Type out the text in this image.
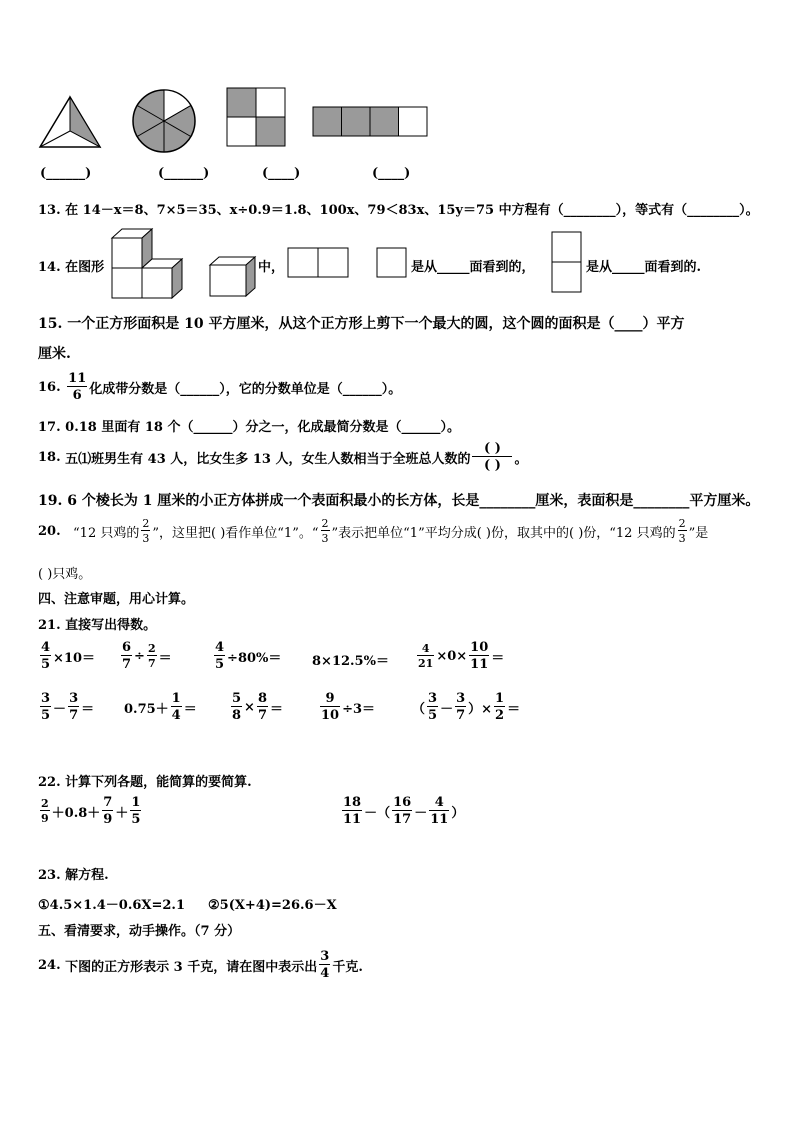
(______)	(______)	(____)	(____)
13. 在 14－x＝8、7×5＝35、x÷0.9＝1.8、100x、79＜83x、15y＝75 中方程有（________），等式有（________）。
14. 在图形	中，	是从_____面看到的，	是从_____面看到的.
15. 一个正方形面积是 10 平方厘米，从这个正方形上剪下一个最大的圆，这个圆的面积是（____）平方
厘米.
16.
$\frac{11}{6}$ 化成带分数是（______），它的分数单位是（______）。
17. 0.18 里面有 18 个（______）分之一，化成最简分数是（______）。
18.
五⑴班男生有 43 人，比女生多 13 人，女生人数相当于全班总人数的 $\frac{( )}{( )}$ 。
19. 6 个棱长为 1 厘米的小正方体拼成一个表面积最小的长方体，长是________厘米，表面积是________平方厘米。
20.
“12 只鸡的 $\frac{2}{3}$ ”，这里把( )看作单位“1”。“ $\frac{2}{3}$ ”表示把单位“1”平均分成( )份，取其中的( )份，“12 只鸡的 $\frac{2}{3}$ ”是
( )只鸡。
四、注意审题，用心计算。
21. 直接写出得数。
$\frac{4}{5} \times 10= \frac{6}{7} \div \frac{2}{7}$ ＝	$\frac{4}{5} \div 80\%= 8\times 12.5\%=$	$\frac{4}{21} \times 0\times \frac{10}{11}$ ＝
$\frac{3}{5} - \frac{3}{7} = 0.75+ \frac{1}{4}$ ＝	$\frac{5}{8} \times \frac{8}{7}$ ＝	$\frac{9}{10} \div 3=$	（ $\frac{3}{5} - \frac{3}{7}$ ）× $\frac{1}{2}$ ＝
22. 计算下列各题，能简算的要简算.
$\frac{2}{9} +0.8+ \frac{7}{9} + \frac{1}{5}$	$\frac{18}{11}$ －（ $\frac{16}{17} - \frac{4}{11}$ ）
23. 解方程.
①4.5×1.4－0.6X=2.1 ②5(X+4)=26.6－X
五、看清要求，动手操作。（7 分）
24.
下图的正方形表示 3 千克，请在图中表示出 $\frac{3}{4}$ 千克.
